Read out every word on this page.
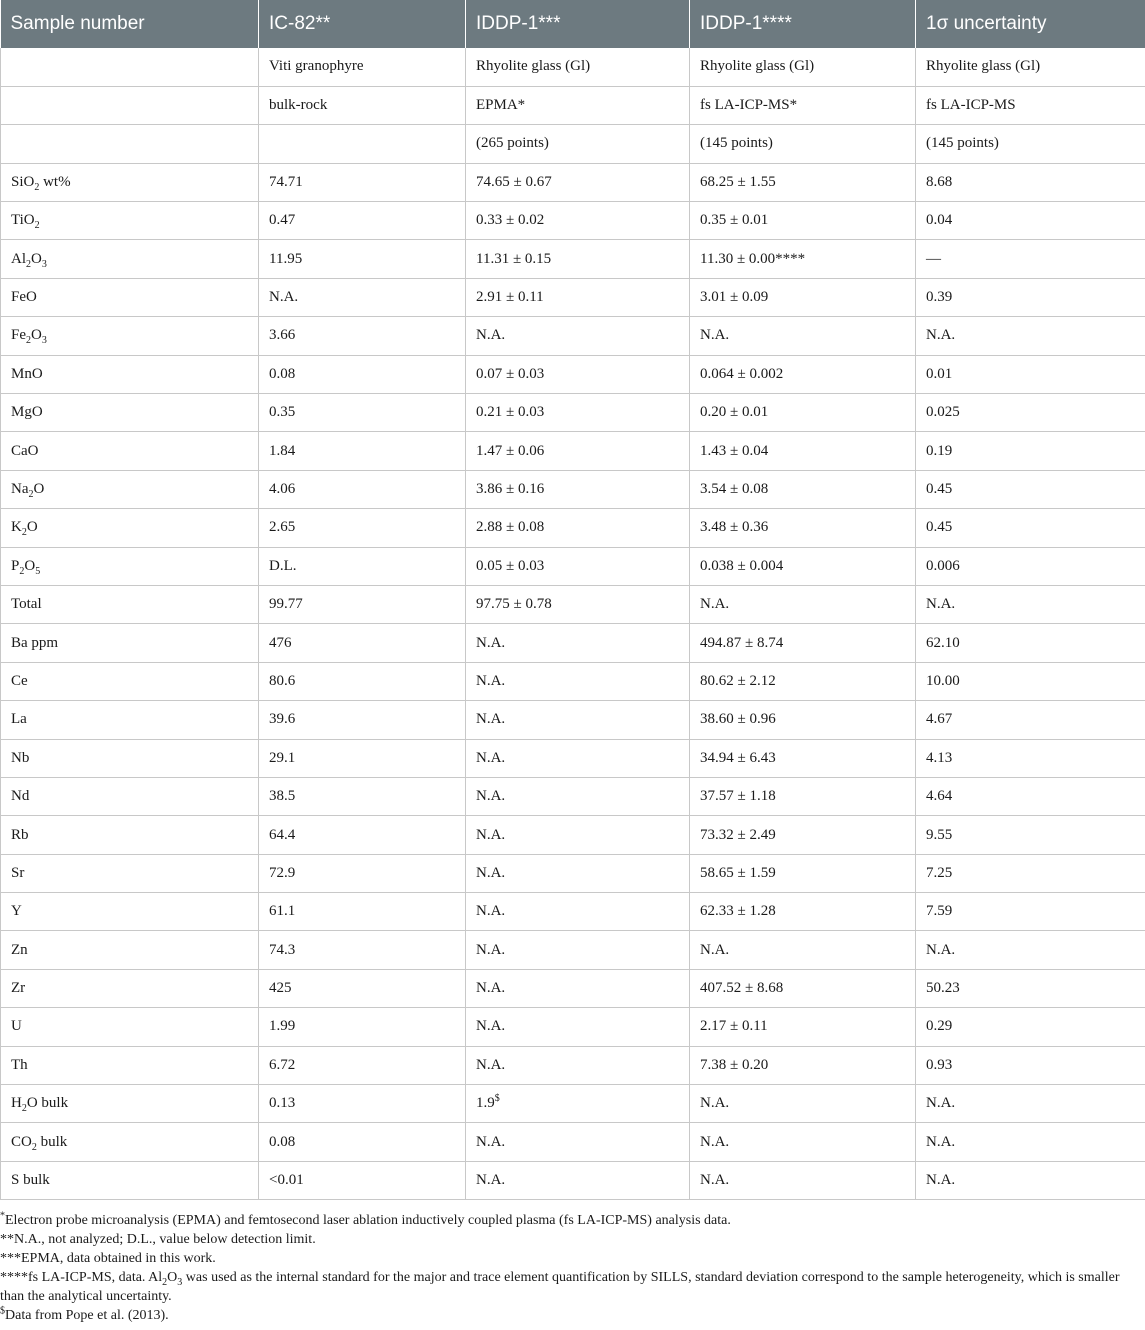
Sample number	IC-82**	IDDP-1***	IDDP-1****	1σ uncertainty
	Viti granophyre	Rhyolite glass (Gl)	Rhyolite glass (Gl)	Rhyolite glass (Gl)
	bulk-rock	EPMA*	fs LA-ICP-MS*	fs LA-ICP-MS
		(265 points)	(145 points)	(145 points)
SiO$_2$ wt%	74.71	74.65 ± 0.67	68.25 ± 1.55	8.68
TiO$_2$	0.47	0.33 ± 0.02	0.35 ± 0.01	0.04
$Al_2O_3$	11.95	11.31 ± 0.15	11.30 ± 0.00****	—
FeO	N.A.	2.91 ± 0.11	3.01 ± 0.09	0.39
$Fe_2O_3$	3.66	N.A.	N.A.	N.A.
MnO	0.08	0.07 ± 0.03	0.064 ± 0.002	0.01
MgO	0.35	0.21 ± 0.03	0.20 ± 0.01	0.025
CaO	1.84	1.47 ± 0.06	1.43 ± 0.04	0.19
$Na_2O$	4.06	3.86 ± 0.16	3.54 ± 0.08	0.45
$K_2O$	2.65	2.88 ± 0.08	3.48 ± 0.36	0.45
$P_2O_5$	D.L.	0.05 ± 0.03	0.038 ± 0.004	0.006
Total	99.77	97.75 ± 0.78	N.A.	N.A.
Ba ppm	476	N.A.	494.87 ± 8.74	62.10
Ce	80.6	N.A.	80.62 ± 2.12	10.00
La	39.6	N.A.	38.60 ± 0.96	4.67
Nb	29.1	N.A.	34.94 ± 6.43	4.13
Nd	38.5	N.A.	37.57 ± 1.18	4.64
Rb	64.4	N.A.	73.32 ± 2.49	9.55
Sr	72.9	N.A.	58.65 ± 1.59	7.25
Y	61.1	N.A.	62.33 ± 1.28	7.59
Zn	74.3	N.A.	N.A.	N.A.
Zr	425	N.A.	407.52 ± 8.68	50.23
U	1.99	N.A.	2.17 ± 0.11	0.29
Th	6.72	N.A.	7.38 ± 0.20	0.93
$H_2O$ bulk	0.13	1.9$	N.A.	N.A.
$CO_2$ bulk	0.08	N.A.	N.A.	N.A.
S bulk	<0.01	N.A.	N.A.	N.A.

*Electron probe microanalysis (EPMA) and femtosecond laser ablation inductively coupled plasma (fs LA-ICP-MS) analysis data.

**N.A., not analyzed; D.L., value below detection limit.

***EPMA, data obtained in this work.

****fs LA-ICP-MS, data. $Al_2O_3$ was used as the internal standard for the major and trace element quantification by SILLS, standard deviation correspond to the sample heterogeneity, which is smaller than the analytical uncertainty.

$Data from Pope et al. (2013).
